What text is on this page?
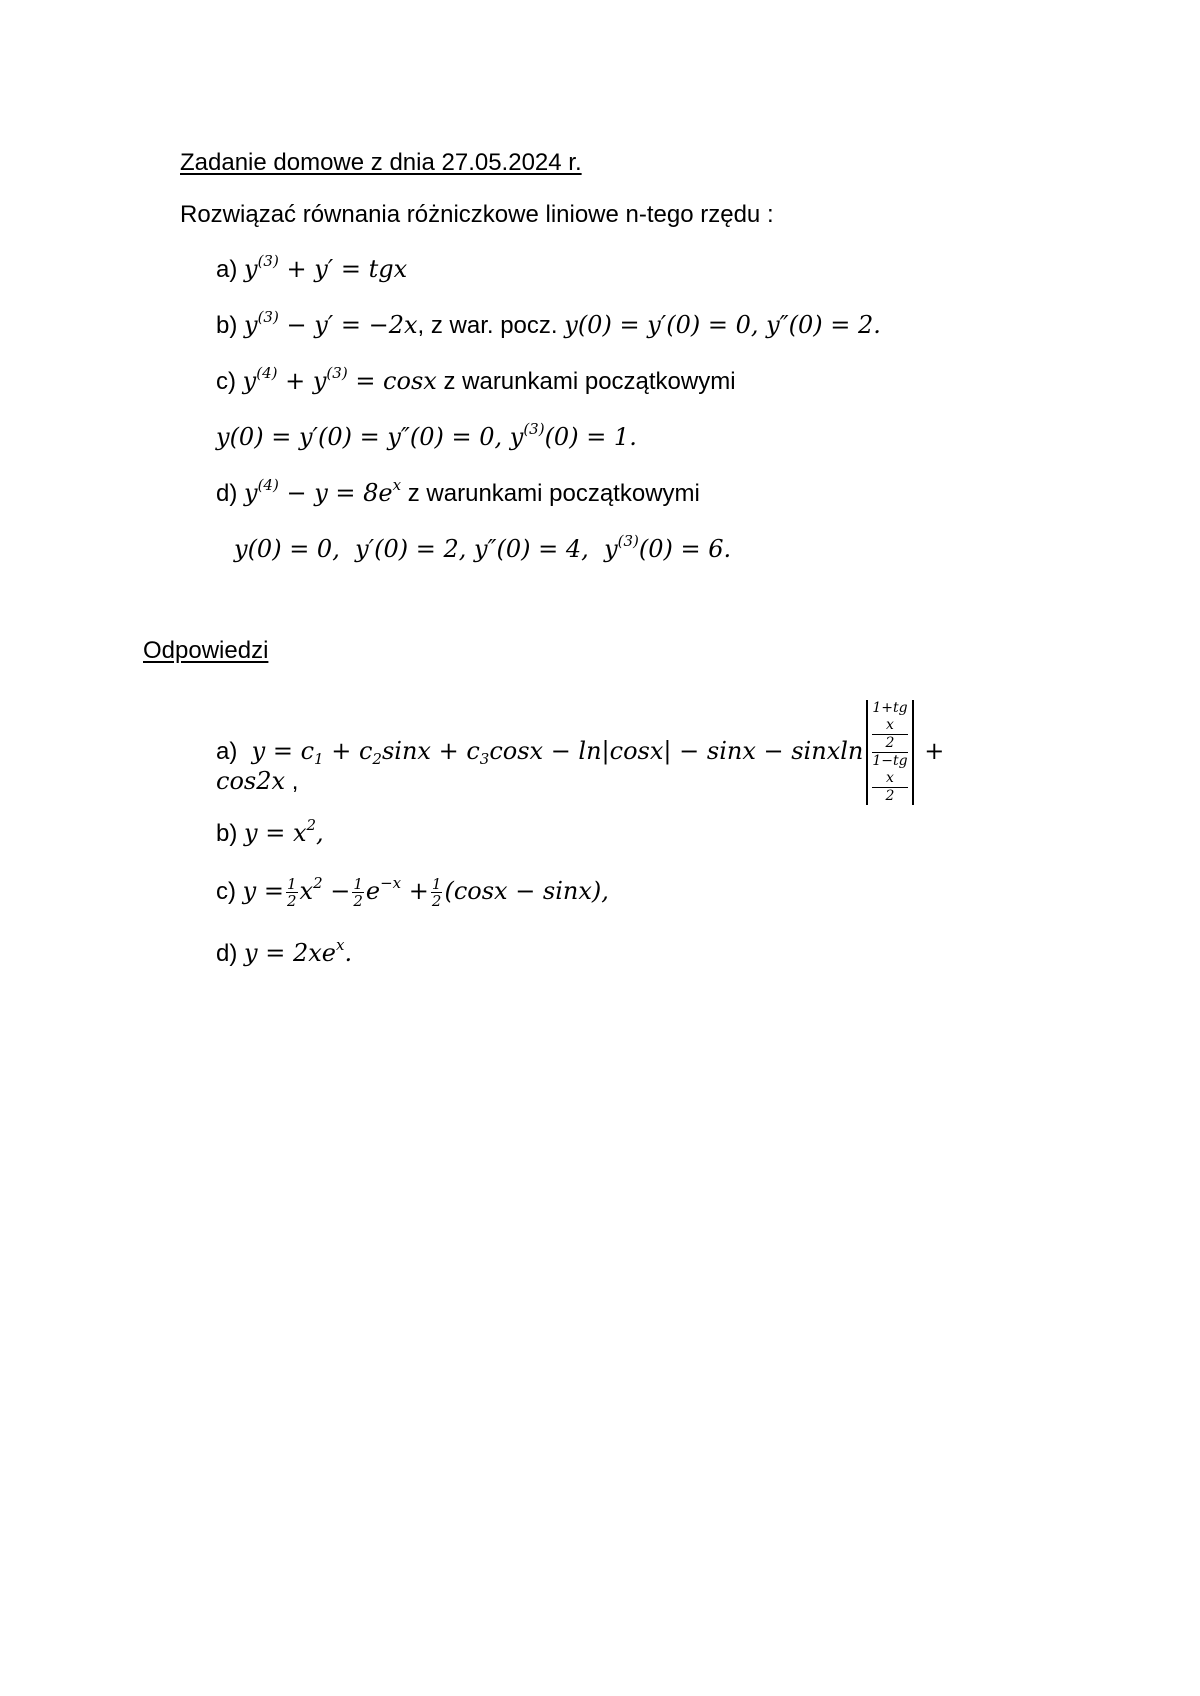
Zadanie domowe z dnia 27.05.2024 r.
Rozwiązać równania różniczkowe liniowe n-tego rzędu :
a) $y^{(3)} + y'$ = tgx
b) $y^{(3)} - y' = -2x$, z war. pocz. y(0) = y′(0) = 0, y″(0) = 2.
c) $y^{(4)} + y^{(3)} = \cos x$ z warunkami początkowymi
y(0) = y′(0) = y″(0) = 0, $y^{(3)}(0) = 1$.
d) $y^{(4)} - y = 8e^x$ z warunkami początkowymi
y(0) = 0,  y′(0) = 2, y″(0) = 4,  $y^{(3)}(0) = 6$.
Odpowiedzi
a)  $y = c_1 + c_2\sin x + c_3\cos x - \ln|\cos x| - \sin x$ − sinxln
1+tg
x
2
1−tg
x
2
+
cos2x ,
b) $y = x^2$,
c) $y = \frac{1}{2} x^2 - \frac{1}{2} e^{-x} + \frac{1}{2} (\cos x - \sin x)$,
d) $y = 2xe^x$.
